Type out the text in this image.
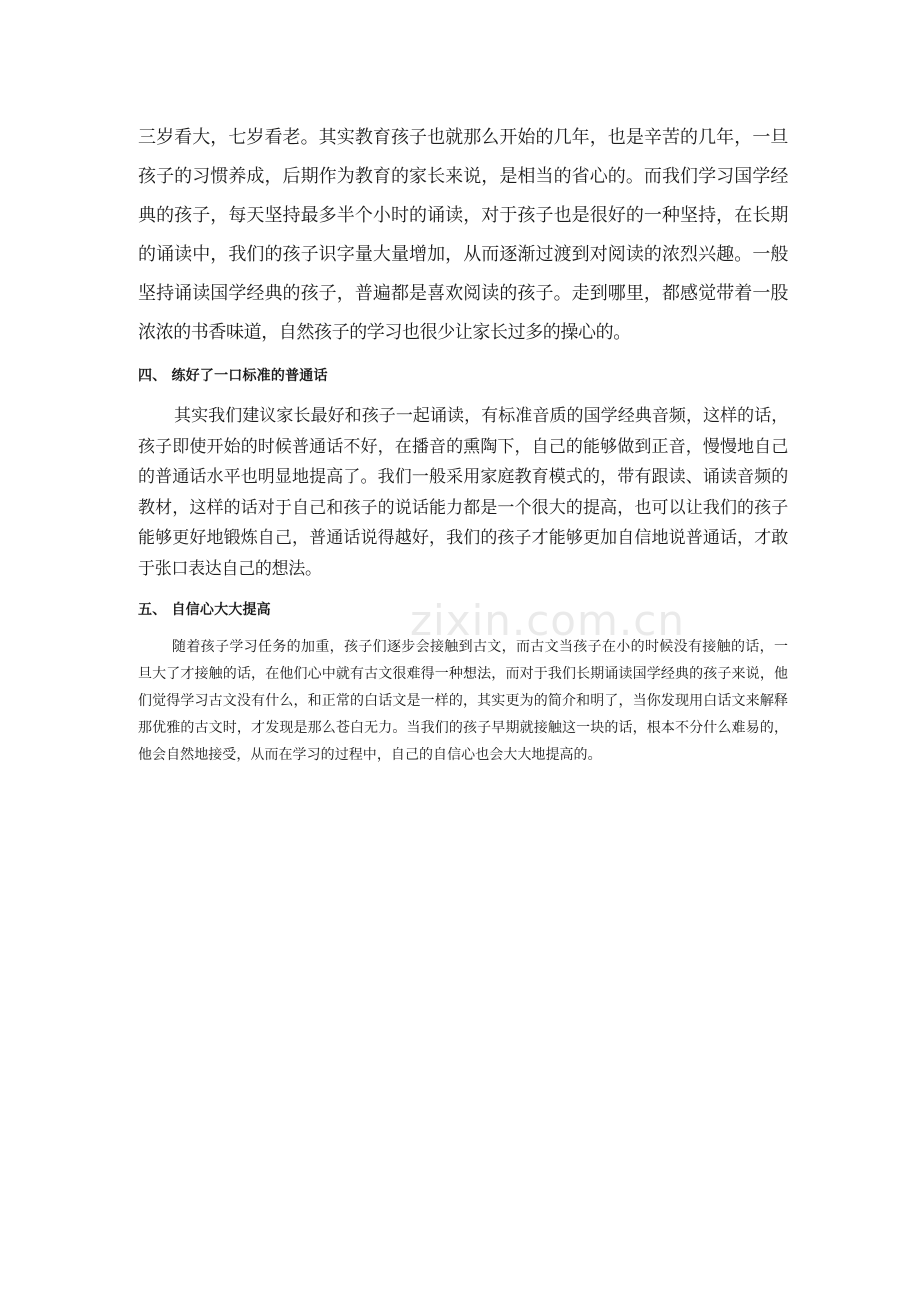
三岁看大，七岁看老。其实教育孩子也就那么开始的几年，也是辛苦的几年，一旦孩子的习惯养成，后期作为教育的家长来说，是相当的省心的。而我们学习国学经典的孩子，每天坚持最多半个小时的诵读，对于孩子也是很好的一种坚持，在长期的诵读中，我们的孩子识字量大量增加，从而逐渐过渡到对阅读的浓烈兴趣。一般坚持诵读国学经典的孩子，普遍都是喜欢阅读的孩子。走到哪里，都感觉带着一股浓浓的书香味道，自然孩子的学习也很少让家长过多的操心的。

四、 练好了一口标准的普通话

其实我们建议家长最好和孩子一起诵读，有标准音质的国学经典音频，这样的话，孩子即使开始的时候普通话不好，在播音的熏陶下，自己的能够做到正音，慢慢地自己的普通话水平也明显地提高了。我们一般采用家庭教育模式的，带有跟读、诵读音频的教材，这样的话对于自己和孩子的说话能力都是一个很大的提高，也可以让我们的孩子能够更好地锻炼自己，普通话说得越好，我们的孩子才能够更加自信地说普通话，才敢于张口表达自己的想法。

五、 自信心大大提高

随着孩子学习任务的加重，孩子们逐步会接触到古文，而古文当孩子在小的时候没有接触的话，一旦大了才接触的话，在他们心中就有古文很难得一种想法，而对于我们长期诵读国学经典的孩子来说，他们觉得学习古文没有什么，和正常的白话文是一样的，其实更为的简介和明了，当你发现用白话文来解释那优雅的古文时，才发现是那么苍白无力。当我们的孩子早期就接触这一块的话，根本不分什么难易的，他会自然地接受，从而在学习的过程中，自己的自信心也会大大地提高的。

zixin.com.cn
